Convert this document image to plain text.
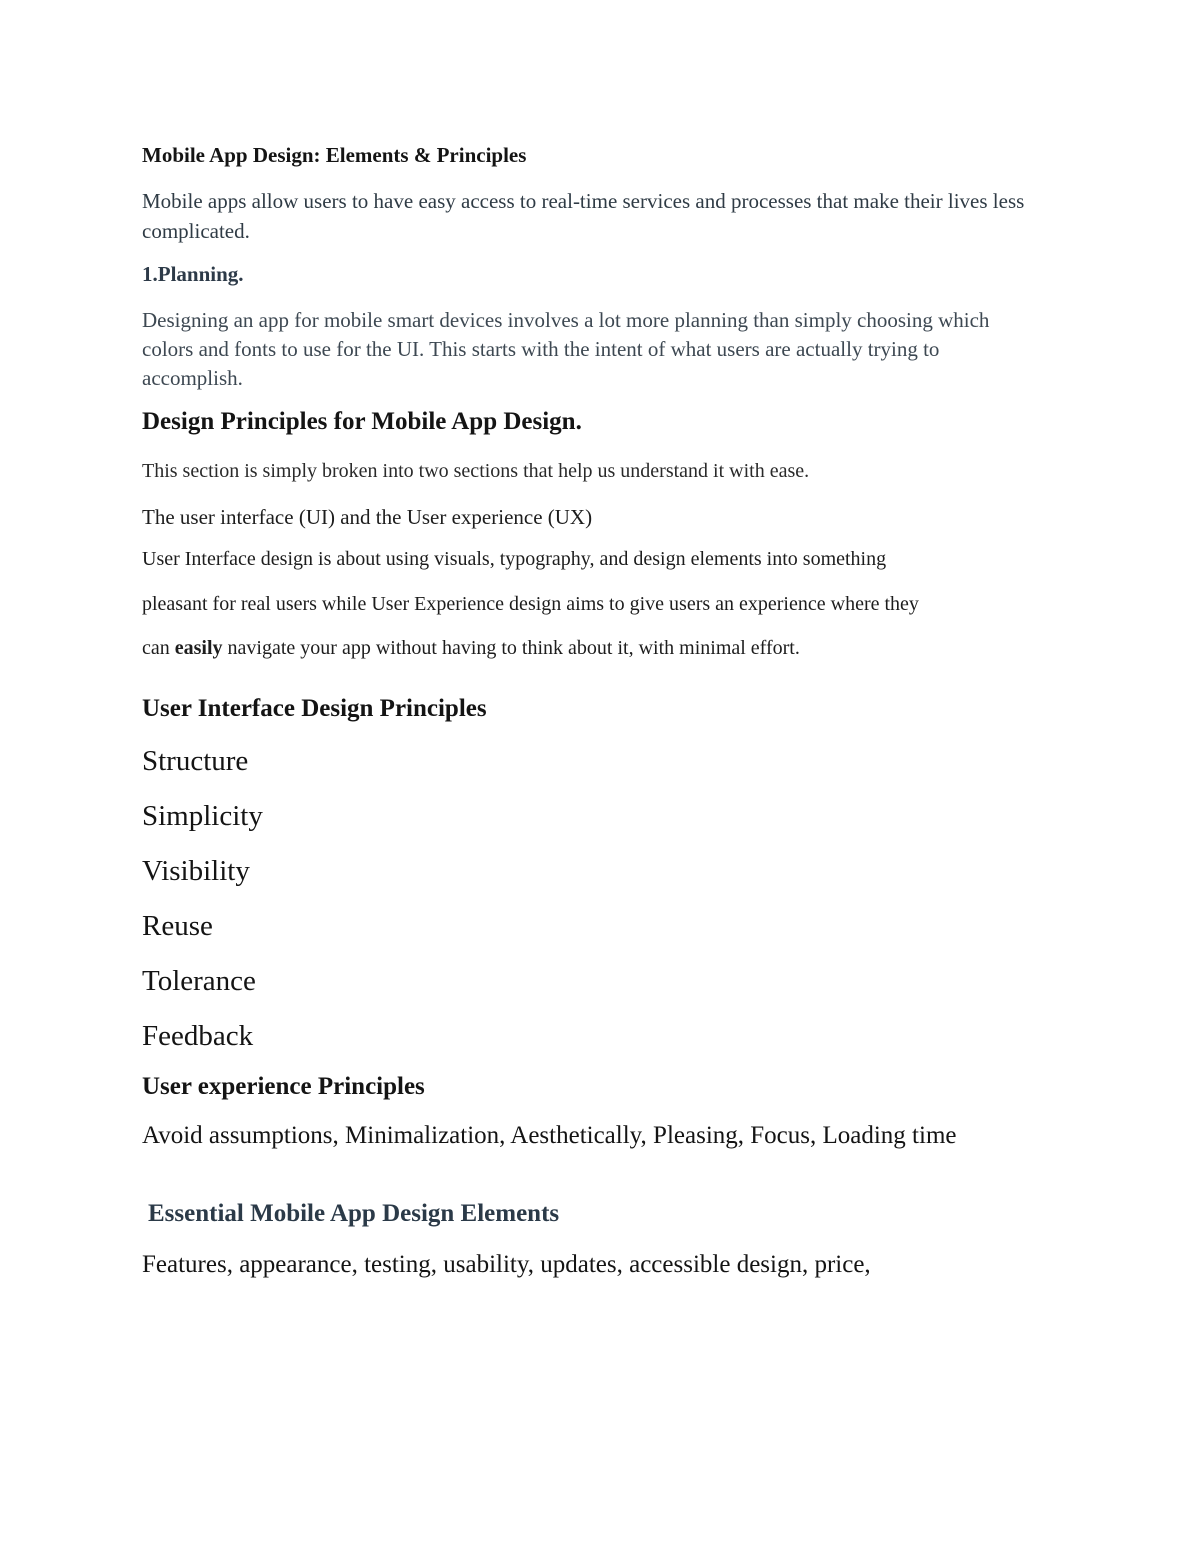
Mobile App Design: Elements & Principles

Mobile apps allow users to have easy access to real-time services and processes that make their lives less complicated.

1.Planning.

Designing an app for mobile smart devices involves a lot more planning than simply choosing which colors and fonts to use for the UI. This starts with the intent of what users are actually trying to accomplish.

Design Principles for Mobile App Design.

This section is simply broken into two sections that help us understand it with ease.

The user interface (UI) and the User experience (UX)

User Interface design is about using visuals, typography, and design elements into something

pleasant for real users while User Experience design aims to give users an experience where they

can easily navigate your app without having to think about it, with minimal effort.

User Interface Design Principles

Structure

Simplicity

Visibility

Reuse

Tolerance

Feedback

User experience Principles

Avoid assumptions, Minimalization, Aesthetically, Pleasing, Focus, Loading time

Essential Mobile App Design Elements

Features, appearance, testing, usability, updates, accessible design, price,
